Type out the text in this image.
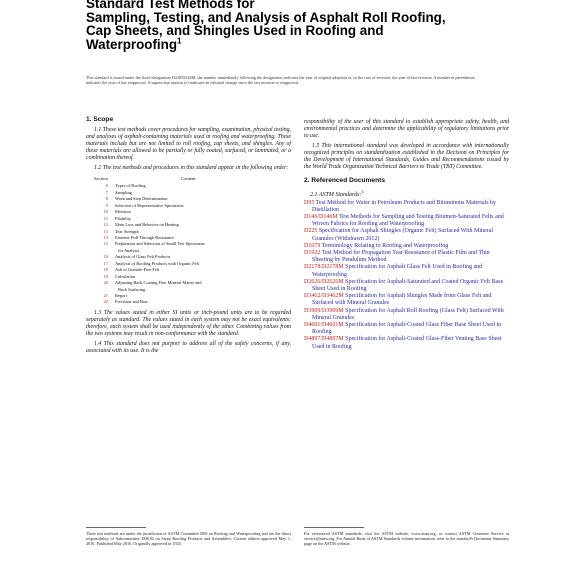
Standard Test Methods for
Sampling, Testing, and Analysis of Asphalt Roll Roofing,
Cap Sheets, and Shingles Used in Roofing and
Waterproofing$^1$
This standard is issued under the fixed designation D228/D228M; the number immediately following the designation indicates the year of original adoption or, in the case of revision, the year of last revision. A number in parentheses indicates the year of last reapproval. A superscript epsilon (ε) indicates an editorial change since the last revision or reapproval.
1. Scope

1.1 These test methods cover procedures for sampling, examination, physical testing, and analyses of asphalt-containing materials used in roofing and waterproofing. These materials include but are not limited to roll roofing, cap sheets, and shingles. Any of these materials are allowed to be partially or fully coated, surfaced, or laminated, or a combination thereof.

1.2 The test methods and procedures in this standard appear in the following order:

Section	Content
6	Types of Roofing
7	Sampling
8	Work and Step Determination
9	Selection of Representative Specimens
10	Moisture
11	Pliability
12	Mass Loss and Behavior on Heating
13	Tear Strength
14	Fastener Pull Through Resistance
15	Preparation and Selection of Small Test Specimens
for Analysis
16	Analysis of Glass Felt Products
17	Analysis of Roofing Products with Organic Felt
18	Ash of Granule-Free Felt
19	Calculation
20	Adjusting Back Coating Fine Mineral Matter and
Back Surfacing
21	Report
22	Precision and Bias

1.3 The values stated in either SI units or inch-pound units are to be regarded separately as standard. The values stated in each system may not be exact equivalents; therefore, each system shall be used independently of the other. Combining values from the two systems may result in non-conformance with the standard.

1.4 This standard does not purport to address all of the safety concerns, if any, associated with its use. It is the

responsibility of the user of this standard to establish appropriate safety, health, and environmental practices and determine the applicability of regulatory limitations prior to use.

1.5 This international standard was developed in accordance with internationally recognized principles on standardization established in the Decision on Principles for the Development of International Standards, Guides and Recommendations issued by the World Trade Organization Technical Barriers to Trade (TBT) Committee.

2. Referenced Documents
2.1 ASTM Standards:$^2$
D95 Test Method for Water in Petroleum Products and Bituminous Materials by Distillation
D146/D146M Test Methods for Sampling and Testing Bitumen-Saturated Felts and Woven Fabrics for Roofing and Waterproofing
D225 Specification for Asphalt Shingles (Organic Felt) Surfaced With Mineral Granules (Withdrawn 2012)
D1079 Terminology Relating to Roofing and Waterproofing
D1922 Test Method for Propagation Tear Resistance of Plastic Film and Thin Sheeting by Pendulum Method
D2178/D2178M Specification for Asphalt Glass Felt Used in Roofing and Waterproofing
D2626/D2626M Specification for Asphalt-Saturated and Coated Organic Felt Base Sheet Used in Roofing
D3462/D3462M Specification for Asphalt Shingles Made from Glass Felt and Surfaced with Mineral Granules
D3909/D3909M Specification for Asphalt Roll Roofing (Glass Felt) Surfaced With Mineral Granules
D4601/D4601M Specification for Asphalt-Coated Glass Fiber Base Sheet Used in Roofing
D4897/D4897M Specification for Asphalt-Coated Glass-Fiber Venting Base Sheet Used in Roofing
These test methods are under the jurisdiction of ASTM Committee D08 on Roofing and Waterproofing and are the direct responsibility of Subcommittee D08.02 on Steep Roofing Products and Assemblies. Current edition approved May 1, 2016. Published May 2016. Originally approved in 1925.
For referenced ASTM standards, visit the ASTM website, www.astm.org, or contact ASTM Customer Service at service@astm.org. For Annual Book of ASTM Standards volume information, refer to the standard's Document Summary page on the ASTM website.
